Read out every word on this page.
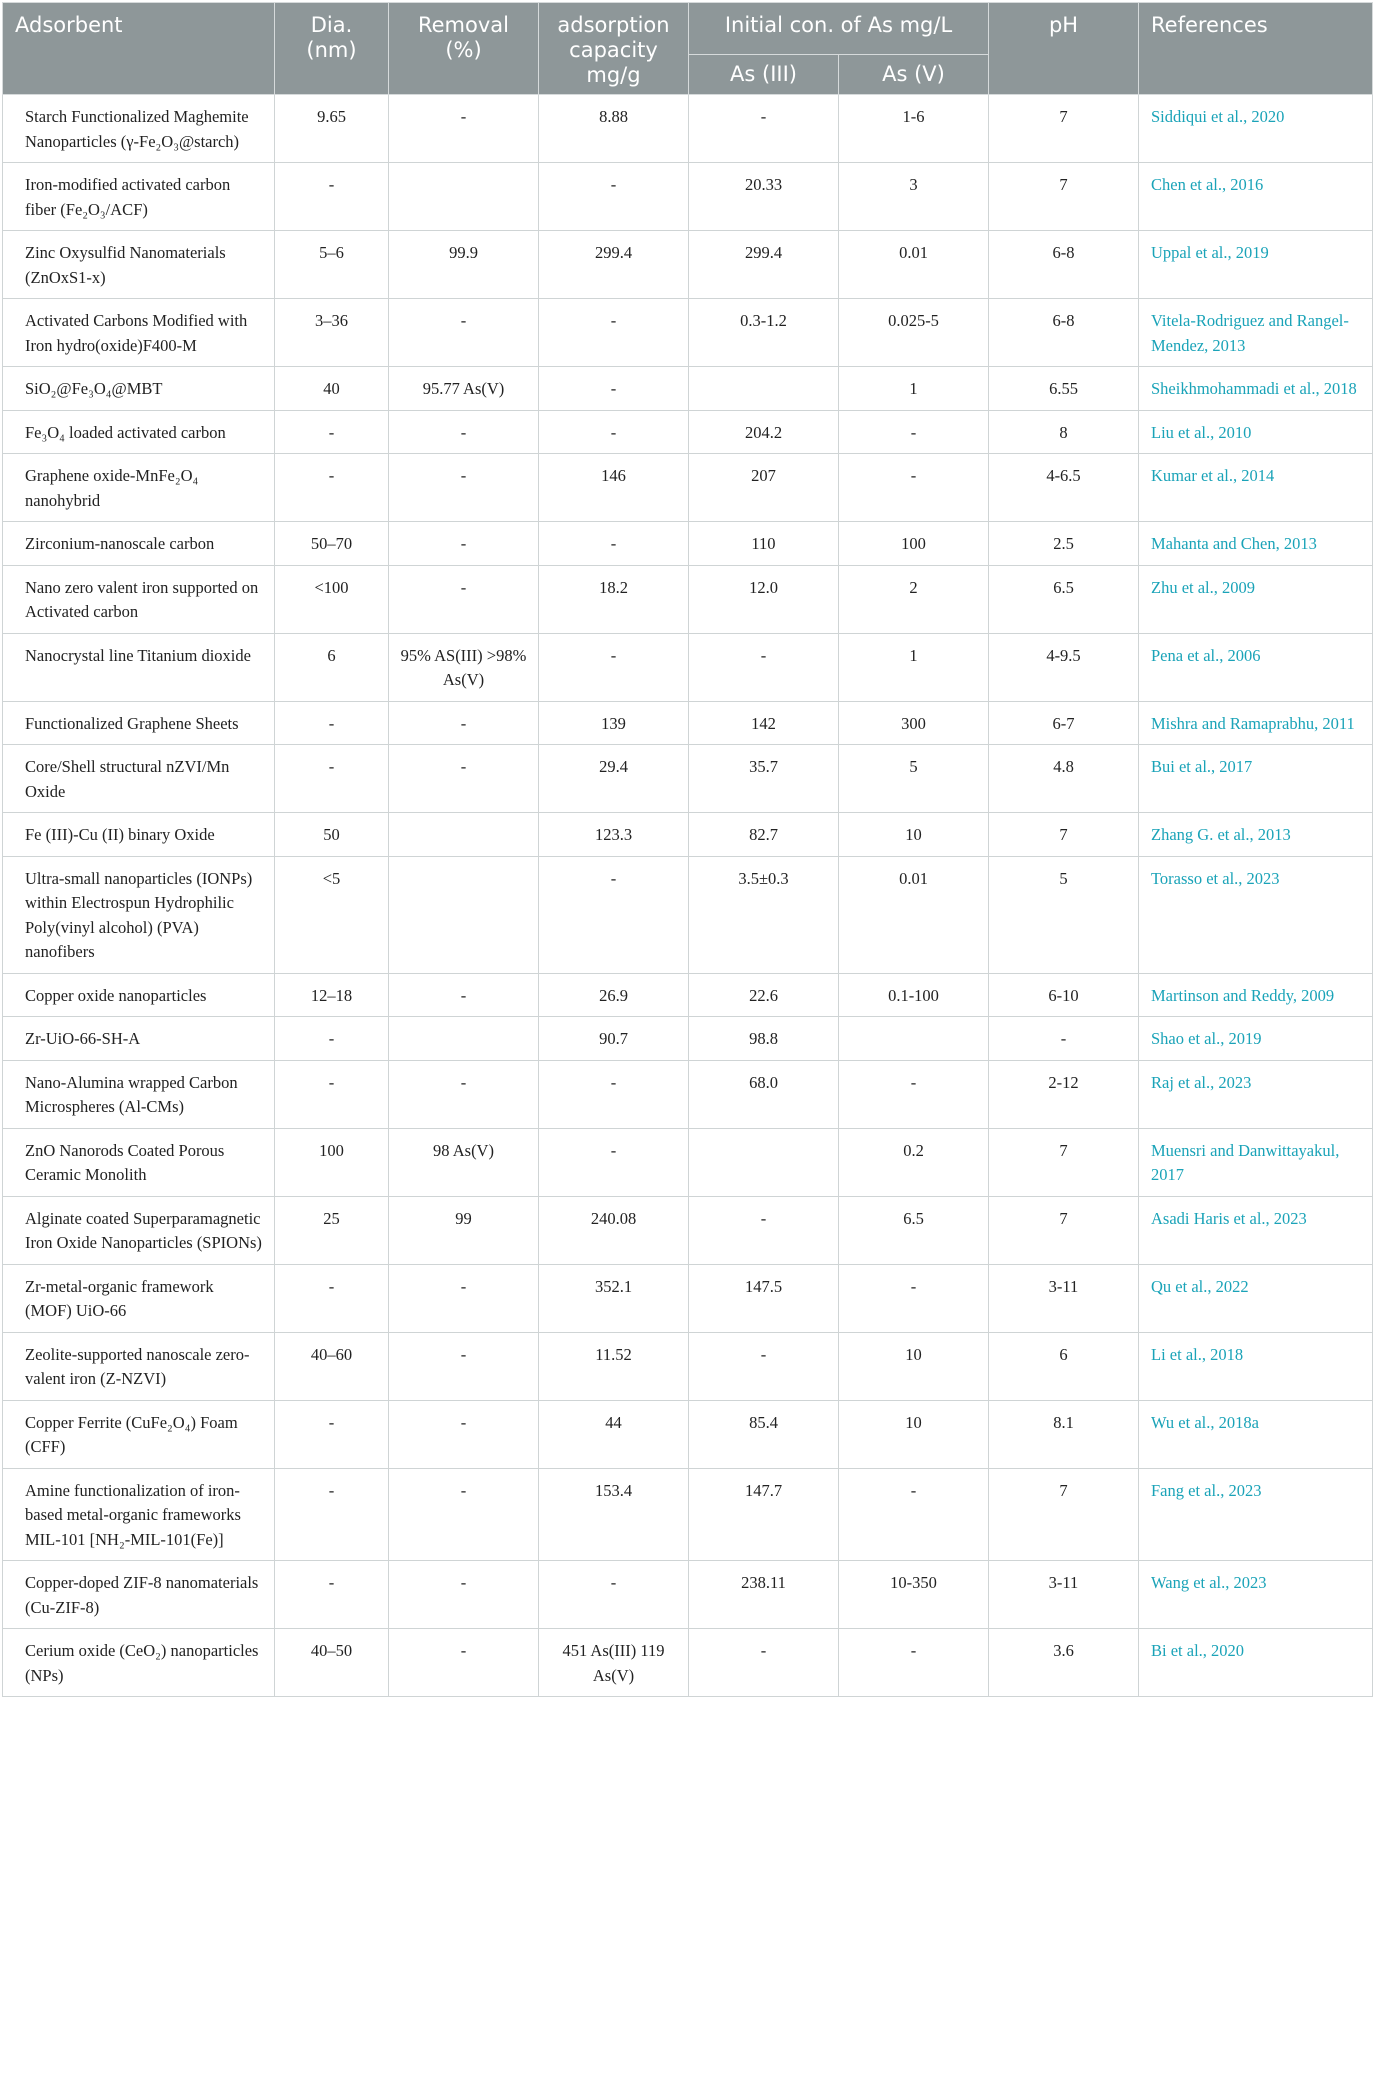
Adsorbent	Dia. (nm)	Removal (%)	adsorption capacity mg/g	Initial con. of As mg/L		pH	References
				As (III)	As (V)		
Starch Functionalized Maghemite Nanoparticles (γ-Fe₂O₃@starch)	9.65	-	8.88	-	1-6	7	Siddiqui et al., 2020
Iron-modified activated carbon fiber (Fe₂O₃/ACF)	-		-	20.33	3	7	Chen et al., 2016
Zinc Oxysulfid Nanomaterials (ZnOxS1-x)	5–6	99.9	299.4	299.4	0.01	6-8	Uppal et al., 2019
Activated Carbons Modified with Iron hydro(oxide)F400-M	3–36	-	-	0.3-1.2	0.025-5	6-8	Vitela-Rodriguez and Rangel-Mendez, 2013
SiO₂@Fe₃O₄@MBT	40	95.77 As(V)	-		1	6.55	Sheikhmohammadi et al., 2018
Fe₃O₄ loaded activated carbon	-	-	-	204.2	-	8	Liu et al., 2010
Graphene oxide-MnFe₂O₄ nanohybrid	-	-	146	207	-	4-6.5	Kumar et al., 2014
Zirconium-nanoscale carbon	50–70	-	-	110	100	2.5	Mahanta and Chen, 2013
Nano zero valent iron supported on Activated carbon	<100	-	18.2	12.0	2	6.5	Zhu et al., 2009
Nanocrystal line Titanium dioxide	6	95% AS(III) >98% As(V)	-	-	1	4-9.5	Pena et al., 2006
Functionalized Graphene Sheets	-	-	139	142	300	6-7	Mishra and Ramaprabhu, 2011
Core/Shell structural nZVI/Mn Oxide	-	-	29.4	35.7	5	4.8	Bui et al., 2017
Fe (III)-Cu (II) binary Oxide	50		123.3	82.7	10	7	Zhang G. et al., 2013
Ultra-small nanoparticles (IONPs) within Electrospun Hydrophilic Poly(vinyl alcohol) (PVA) nanofibers	<5		-	3.5±0.3	0.01	5	Torasso et al., 2023
Copper oxide nanoparticles	12–18	-	26.9	22.6	0.1-100	6-10	Martinson and Reddy, 2009
Zr-UiO-66-SH-A	-		90.7	98.8		-	Shao et al., 2019
Nano-Alumina wrapped Carbon Microspheres (Al-CMs)	-	-	-	68.0	-	2-12	Raj et al., 2023
ZnO Nanorods Coated Porous Ceramic Monolith	100	98 As(V)	-		0.2	7	Muensri and Danwittayakul, 2017
Alginate coated Superparamagnetic Iron Oxide Nanoparticles (SPIONs)	25	99	240.08	-	6.5	7	Asadi Haris et al., 2023
Zr-metal-organic framework (MOF) UiO-66	-	-	352.1	147.5	-	3-11	Qu et al., 2022
Zeolite-supported nanoscale zero-valent iron (Z-NZVI)	40–60	-	11.52	-	10	6	Li et al., 2018
Copper Ferrite (CuFe₂O₄) Foam (CFF)	-	-	44	85.4	10	8.1	Wu et al., 2018a
Amine functionalization of iron-based metal-organic frameworks MIL-101 [NH₂-MIL-101(Fe)]	-	-	153.4	147.7	-	7	Fang et al., 2023
Copper-doped ZIF-8 nanomaterials (Cu-ZIF-8)	-	-	-	238.11	10-350	3-11	Wang et al., 2023
Cerium oxide (CeO₂) nanoparticles (NPs)	40–50	-	451 As(III) 119 As(V)	-	-	3.6	Bi et al., 2020
